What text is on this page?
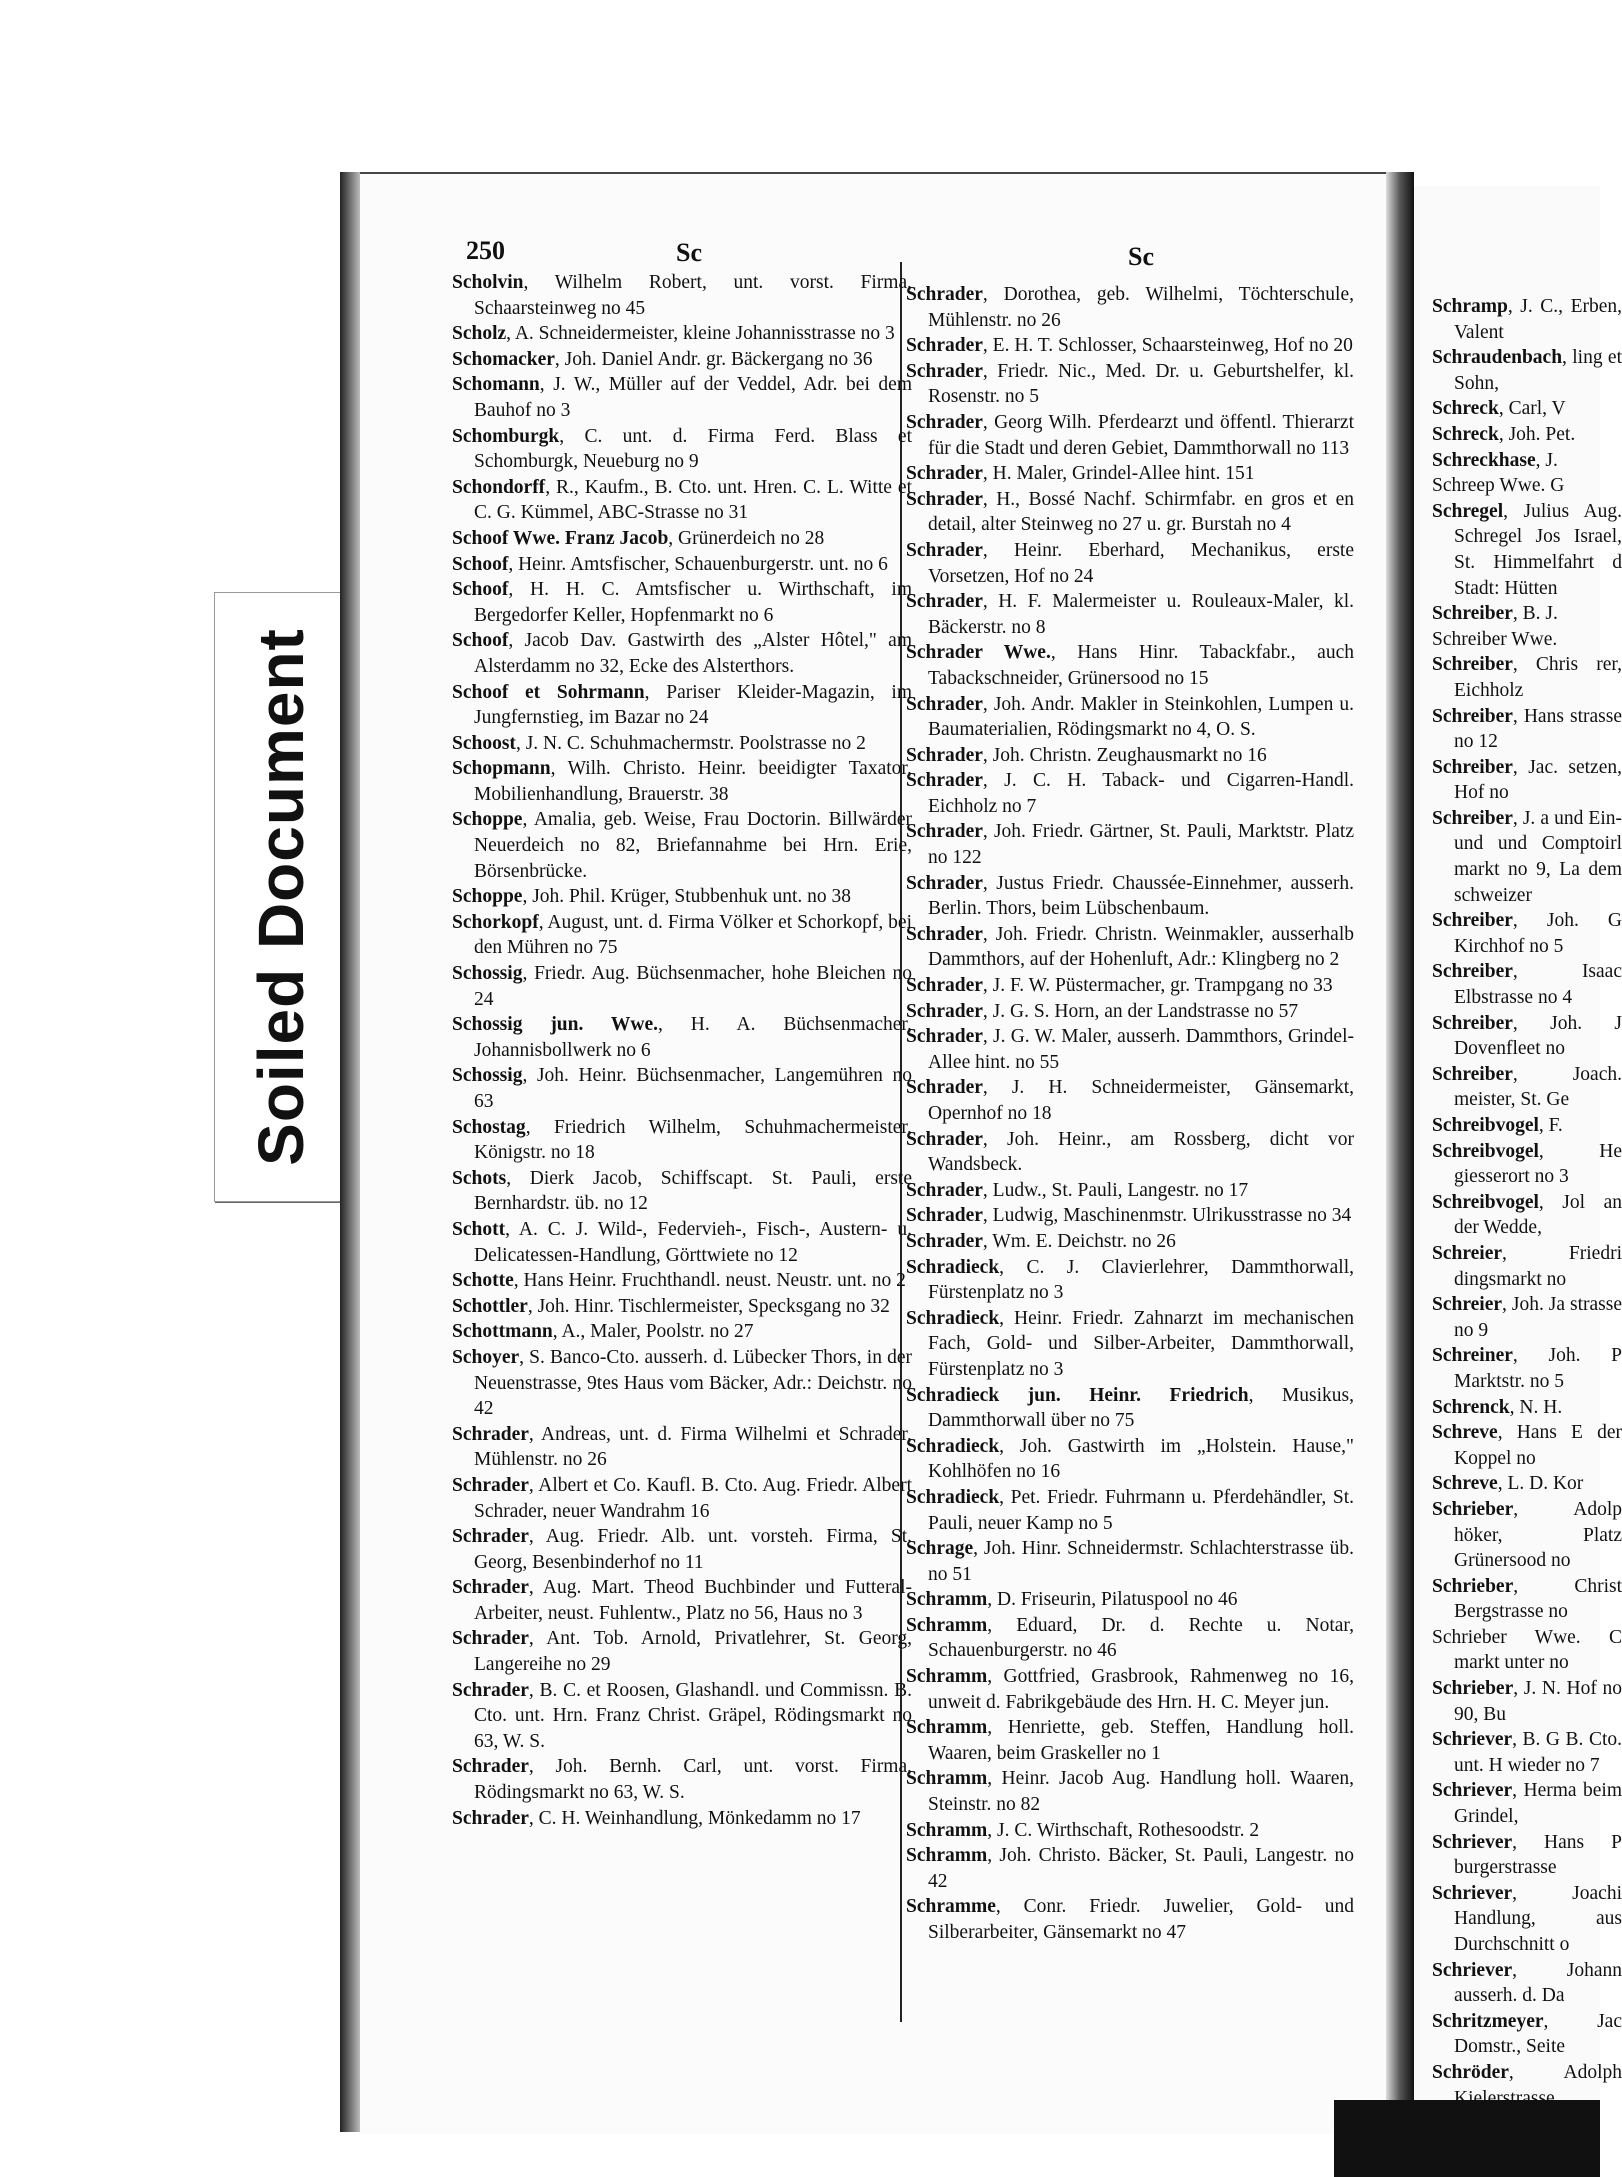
Soiled Document
250	Sc	Sc
Scholvin, Wilhelm Robert, unt. vorst. Firma, Schaarsteinweg no 45
Scholz, A. Schneidermeister, kleine Johannisstrasse no 3
Schomacker, Joh. Daniel Andr. gr. Bäckergang no 36
Schomann, J. W., Müller auf der Veddel, Adr. bei dem Bauhof no 3
Schomburgk, C. unt. d. Firma Ferd. Blass et Schomburgk, Neueburg no 9
Schondorff, R., Kaufm., B. Cto. unt. Hren. C. L. Witte et C. G. Kümmel, ABC-Strasse no 31
Schoof Wwe. Franz Jacob, Grünerdeich no 28
Schoof, Heinr. Amtsfischer, Schauenburgerstr. unt. no 6
Schoof, H. H. C. Amtsfischer u. Wirthschaft, im Bergedorfer Keller, Hopfenmarkt no 6
Schoof, Jacob Dav. Gastwirth des „Alster Hôtel," am Alsterdamm no 32, Ecke des Alsterthors.
Schoof et Sohrmann, Pariser Kleider-Magazin, im Jungfernstieg, im Bazar no 24
Schoost, J. N. C. Schuhmachermstr. Poolstrasse no 2
Schopmann, Wilh. Christo. Heinr. beeidigter Taxator, Mobilienhandlung, Brauerstr. 38
Schoppe, Amalia, geb. Weise, Frau Doctorin. Billwärder Neuerdeich no 82, Briefannahme bei Hrn. Erie, Börsenbrücke.
Schoppe, Joh. Phil. Krüger, Stubbenhuk unt. no 38
Schorkopf, August, unt. d. Firma Völker et Schorkopf, bei den Mühren no 75
Schossig, Friedr. Aug. Büchsenmacher, hohe Bleichen no 24
Schossig jun. Wwe., H. A. Büchsenmacher, Johannisbollwerk no 6
Schossig, Joh. Heinr. Büchsenmacher, Langemühren no 63
Schostag, Friedrich Wilhelm, Schuhmachermeister, Königstr. no 18
Schots, Dierk Jacob, Schiffscapt. St. Pauli, erste Bernhardstr. üb. no 12
Schott, A. C. J. Wild-, Federvieh-, Fisch-, Austern- u. Delicatessen-Handlung, Görttwiete no 12
Schotte, Hans Heinr. Fruchthandl. neust. Neustr. unt. no 2
Schottler, Joh. Hinr. Tischlermeister, Specksgang no 32
Schottmann, A., Maler, Poolstr. no 27
Schoyer, S. Banco-Cto. ausserh. d. Lübecker Thors, in der Neuenstrasse, 9tes Haus vom Bäcker, Adr.: Deichstr. no 42
Schrader, Andreas, unt. d. Firma Wilhelmi et Schrader, Mühlenstr. no 26
Schrader, Albert et Co. Kaufl. B. Cto. Aug. Friedr. Albert Schrader, neuer Wandrahm 16
Schrader, Aug. Friedr. Alb. unt. vorsteh. Firma, St. Georg, Besenbinderhof no 11
Schrader, Aug. Mart. Theod Buchbinder und Futteral-Arbeiter, neust. Fuhlentw., Platz no 56, Haus no 3
Schrader, Ant. Tob. Arnold, Privatlehrer, St. Georg, Langereihe no 29
Schrader, B. C. et Roosen, Glashandl. und Commissn. B. Cto. unt. Hrn. Franz Christ. Gräpel, Rödingsmarkt no 63, W. S.
Schrader, Joh. Bernh. Carl, unt. vorst. Firma, Rödingsmarkt no 63, W. S.
Schrader, C. H. Weinhandlung, Mönkedamm no 17
Schrader, Dorothea, geb. Wilhelmi, Töchterschule, Mühlenstr. no 26
Schrader, E. H. T. Schlosser, Schaarsteinweg, Hof no 20
Schrader, Friedr. Nic., Med. Dr. u. Geburtshelfer, kl. Rosenstr. no 5
Schrader, Georg Wilh. Pferdearzt und öffentl. Thierarzt für die Stadt und deren Gebiet, Dammthorwall no 113
Schrader, H. Maler, Grindel-Allee hint. 151
Schrader, H., Bossé Nachf. Schirmfabr. en gros et en detail, alter Steinweg no 27 u. gr. Burstah no 4
Schrader, Heinr. Eberhard, Mechanikus, erste Vorsetzen, Hof no 24
Schrader, H. F. Malermeister u. Rouleaux-Maler, kl. Bäckerstr. no 8
Schrader Wwe., Hans Hinr. Tabackfabr., auch Tabackschneider, Grünersood no 15
Schrader, Joh. Andr. Makler in Steinkohlen, Lumpen u. Baumaterialien, Rödingsmarkt no 4, O. S.
Schrader, Joh. Christn. Zeughausmarkt no 16
Schrader, J. C. H. Taback- und Cigarren-Handl. Eichholz no 7
Schrader, Joh. Friedr. Gärtner, St. Pauli, Marktstr. Platz no 122
Schrader, Justus Friedr. Chaussée-Einnehmer, ausserh. Berlin. Thors, beim Lübschenbaum.
Schrader, Joh. Friedr. Christn. Weinmakler, ausserhalb Dammthors, auf der Hohenluft, Adr.: Klingberg no 2
Schrader, J. F. W. Püstermacher, gr. Trampgang no 33
Schrader, J. G. S. Horn, an der Landstrasse no 57
Schrader, J. G. W. Maler, ausserh. Dammthors, Grindel-Allee hint. no 55
Schrader, J. H. Schneidermeister, Gänsemarkt, Opernhof no 18
Schrader, Joh. Heinr., am Rossberg, dicht vor Wandsbeck.
Schrader, Ludw., St. Pauli, Langestr. no 17
Schrader, Ludwig, Maschinenmstr. Ulrikusstrasse no 34
Schrader, Wm. E. Deichstr. no 26
Schradieck, C. J. Clavierlehrer, Dammthorwall, Fürstenplatz no 3
Schradieck, Heinr. Friedr. Zahnarzt im mechanischen Fach, Gold- und Silber-Arbeiter, Dammthorwall, Fürstenplatz no 3
Schradieck jun. Heinr. Friedrich, Musikus, Dammthorwall über no 75
Schradieck, Joh. Gastwirth im „Holstein. Hause," Kohlhöfen no 16
Schradieck, Pet. Friedr. Fuhrmann u. Pferdehändler, St. Pauli, neuer Kamp no 5
Schrage, Joh. Hinr. Schneidermstr. Schlachterstrasse üb. no 51
Schramm, D. Friseurin, Pilatuspool no 46
Schramm, Eduard, Dr. d. Rechte u. Notar, Schauenburgerstr. no 46
Schramm, Gottfried, Grasbrook, Rahmenweg no 16, unweit d. Fabrikgebäude des Hrn. H. C. Meyer jun.
Schramm, Henriette, geb. Steffen, Handlung holl. Waaren, beim Graskeller no 1
Schramm, Heinr. Jacob Aug. Handlung holl. Waaren, Steinstr. no 82
Schramm, J. C. Wirthschaft, Rothesoodstr. 2
Schramm, Joh. Christo. Bäcker, St. Pauli, Langestr. no 42
Schramme, Conr. Friedr. Juwelier, Gold- und Silberarbeiter, Gänsemarkt no 47
Schramp, J. C., Erben, Valent
Schraudenbach, ling et Sohn,
Schreck, Carl, V
Schreck, Joh. Pet.
Schreckhase, J.
Schreep Wwe. G
Schregel, Julius Aug. Schregel Jos Israel, St. Himmelfahrt d Stadt: Hütten
Schreiber, B. J.
Schreiber Wwe.
Schreiber, Chris rer, Eichholz
Schreiber, Hans strasse no 12
Schreiber, Jac. setzen, Hof no
Schreiber, J. a und Ein- und und Comptoirl markt no 9, La dem schweizer
Schreiber, Joh. G Kirchhof no 5
Schreiber, Isaac Elbstrasse no 4
Schreiber, Joh. J Dovenfleet no
Schreiber, Joach. meister, St. Ge
Schreibvogel, F.
Schreibvogel, He giesserort no 3
Schreibvogel, Jol an der Wedde,
Schreier, Friedri dingsmarkt no
Schreier, Joh. Ja strasse no 9
Schreiner, Joh. P Marktstr. no 5
Schrenck, N. H.
Schreve, Hans E der Koppel no
Schreve, L. D. Kor
Schrieber, Adolp höker, Platz Grünersood no
Schrieber, Christ Bergstrasse no
Schrieber Wwe. C markt unter no
Schrieber, J. N. Hof no 90, Bu
Schriever, B. G B. Cto. unt. H wieder no 7
Schriever, Herma beim Grindel,
Schriever, Hans P burgerstrasse
Schriever, Joachi Handlung, aus Durchschnitt o
Schriever, Johann ausserh. d. Da
Schritzmeyer, Jac Domstr., Seite
Schröder, Adolph Kielerstrasse
